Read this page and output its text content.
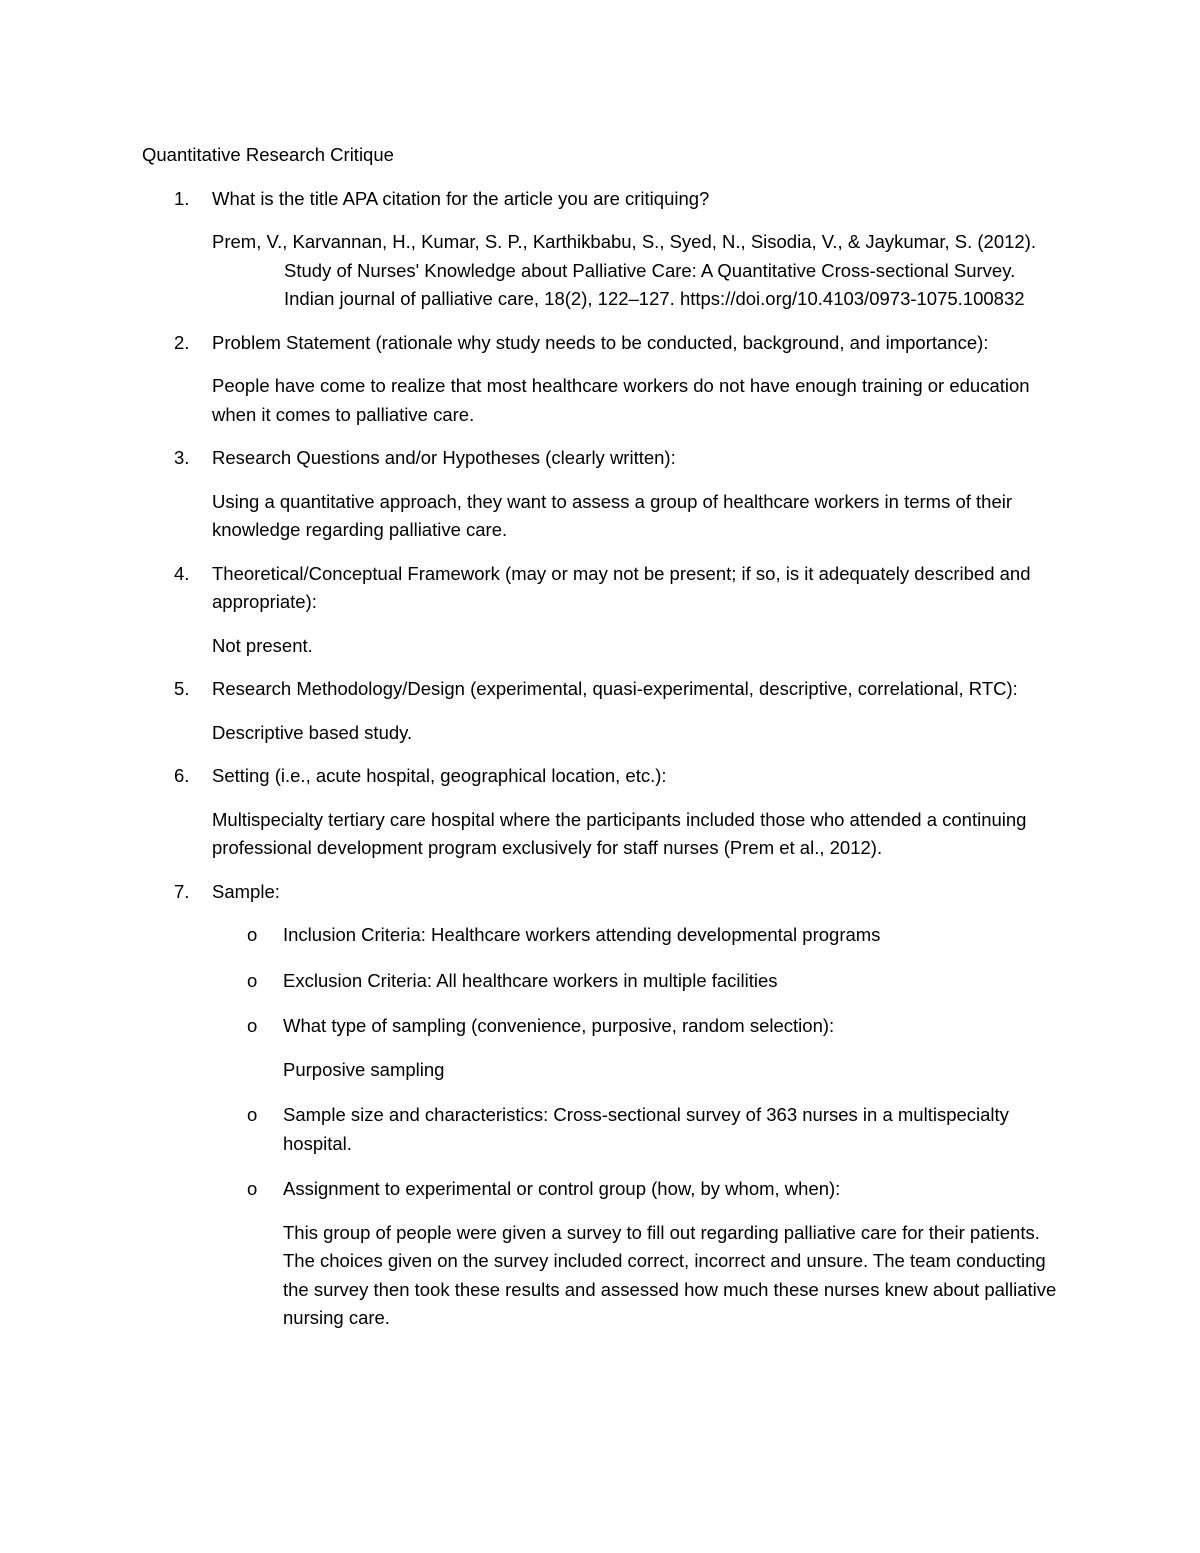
Quantitative Research Critique
1. What is the title APA citation for the article you are critiquing?
Prem, V., Karvannan, H., Kumar, S. P., Karthikbabu, S., Syed, N., Sisodia, V., & Jaykumar, S. (2012). Study of Nurses' Knowledge about Palliative Care: A Quantitative Cross-sectional Survey. Indian journal of palliative care, 18(2), 122–127. https://doi.org/10.4103/0973-1075.100832
2. Problem Statement (rationale why study needs to be conducted, background, and importance):
People have come to realize that most healthcare workers do not have enough training or education when it comes to palliative care.
3. Research Questions and/or Hypotheses (clearly written):
Using a quantitative approach, they want to assess a group of healthcare workers in terms of their knowledge regarding palliative care.
4. Theoretical/Conceptual Framework (may or may not be present; if so, is it adequately described and appropriate):
Not present.
5. Research Methodology/Design (experimental, quasi-experimental, descriptive, correlational, RTC):
Descriptive based study.
6. Setting (i.e., acute hospital, geographical location, etc.):
Multispecialty tertiary care hospital where the participants included those who attended a continuing professional development program exclusively for staff nurses (Prem et al., 2012).
7. Sample:
o Inclusion Criteria: Healthcare workers attending developmental programs
o Exclusion Criteria: All healthcare workers in multiple facilities
o What type of sampling (convenience, purposive, random selection):
Purposive sampling
o Sample size and characteristics: Cross-sectional survey of 363 nurses in a multispecialty hospital.
o Assignment to experimental or control group (how, by whom, when):
This group of people were given a survey to fill out regarding palliative care for their patients. The choices given on the survey included correct, incorrect and unsure. The team conducting the survey then took these results and assessed how much these nurses knew about palliative nursing care.
